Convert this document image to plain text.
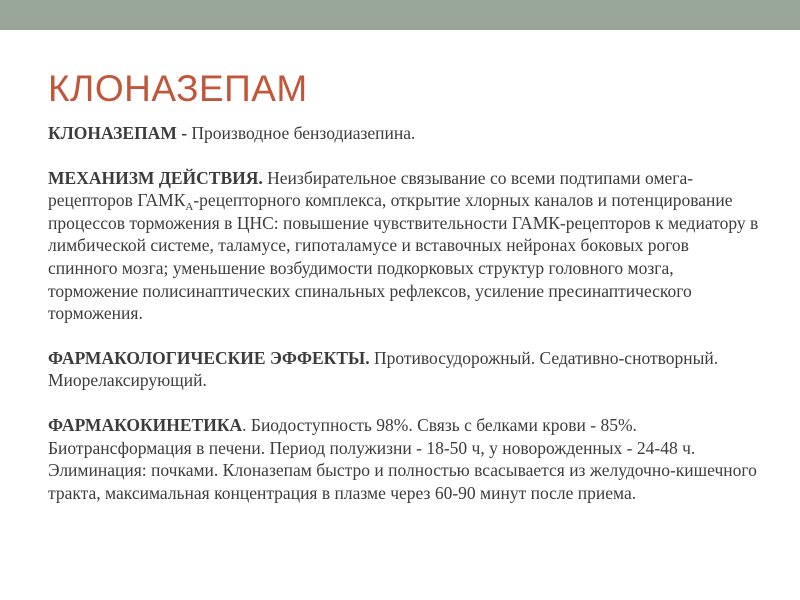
КЛОНАЗЕПАМ

КЛОНАЗЕПАМ - Производное бензодиазепина.

МЕХАНИЗМ ДЕЙСТВИЯ. Неизбирательное связывание со всеми подтипами омега-рецепторов $ГАМК_А$-рецепторного комплекса, открытие хлорных каналов и потенцирование процессов торможения в ЦНС: повышение чувствительности ГАМК-рецепторов к медиатору в лимбической системе, таламусе, гипоталамусе и вставочных нейронах боковых рогов спинного мозга; уменьшение возбудимости подкорковых структур головного мозга, торможение полисинаптических спинальных рефлексов, усиление пресинаптического торможения.

ФАРМАКОЛОГИЧЕСКИЕ ЭФФЕКТЫ. Противосудорожный. Седативно-снотворный. Миорелаксирующий.

ФАРМАКОКИНЕТИКА. Биодоступность 98%. Связь с белками крови - 85%. Биотрансформация в печени. Период полужизни - 18-50 ч, у новорожденных - 24-48 ч. Элиминация: почками. Клоназепам быстро и полностью всасывается из желудочно-кишечного тракта, максимальная концентрация в плазме через 60-90 минут после приема.
